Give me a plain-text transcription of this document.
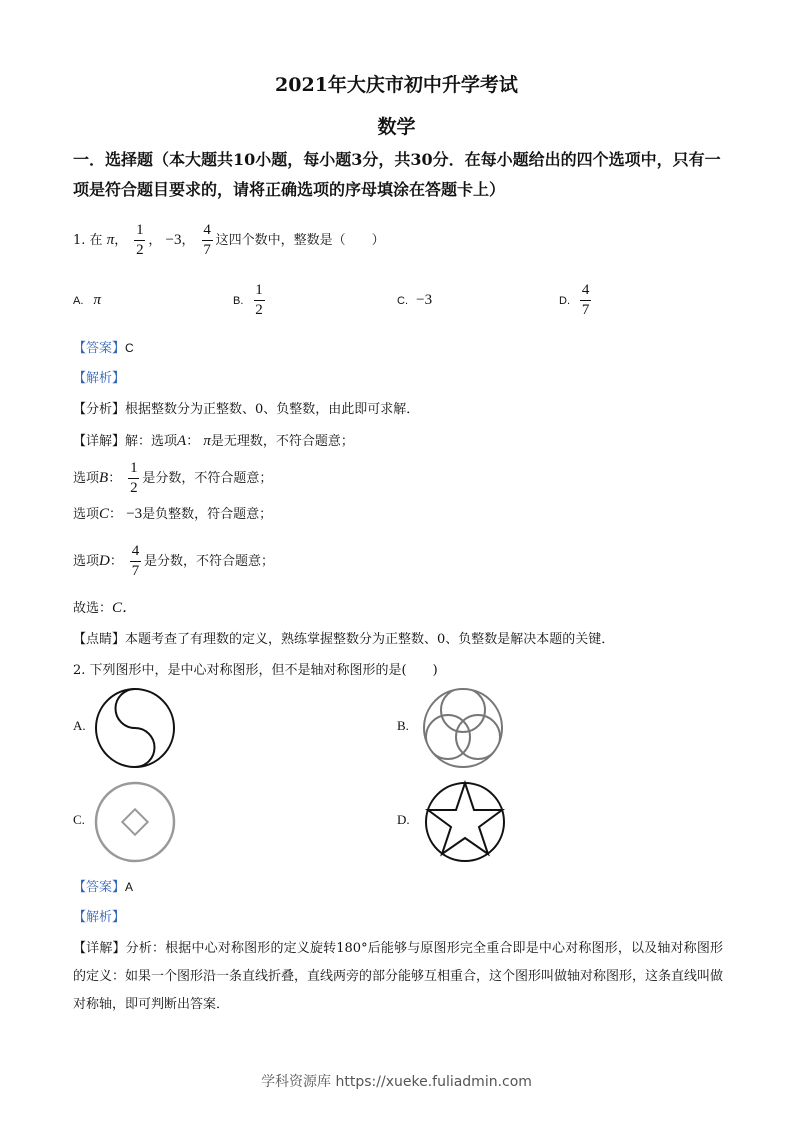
2021年大庆市初中升学考试
数学
一．选择题（本大题共10小题，每小题3分，共30分．在每小题给出的四个选项中，只有一项是符合题目要求的，请将正确选项的序母填涂在答题卡上）
1. 在 π， $\frac{1}{2}$ ， −3， $\frac{4}{7}$ 这四个数中，整数是（　　）
A. π	B. $\frac{1}{2}$	C. −3	D. $\frac{4}{7}$
【答案】C
【解析】
【分析】根据整数分为正整数、0、负整数，由此即可求解．
【详解】解：选项A： π是无理数，不符合题意；
选项B： $\frac{1}{2}$ 是分数，不符合题意；
选项C： −3是负整数，符合题意；
选项D： $\frac{4}{7}$ 是分数，不符合题意；
故选：C．
【点睛】本题考查了有理数的定义，熟练掌握整数分为正整数、0、负整数是解决本题的关键．
2. 下列图形中，是中心对称图形，但不是轴对称图形的是(　　)
A.	B.
C.	D.
【答案】A
【解析】
【详解】分析：根据中心对称图形的定义旋转180°后能够与原图形完全重合即是中心对称图形，以及轴对称图形的定义：如果一个图形沿一条直线折叠，直线两旁的部分能够互相重合，这个图形叫做轴对称图形，这条直线叫做对称轴，即可判断出答案．
学科资源库 https://xueke.fuliadmin.com
